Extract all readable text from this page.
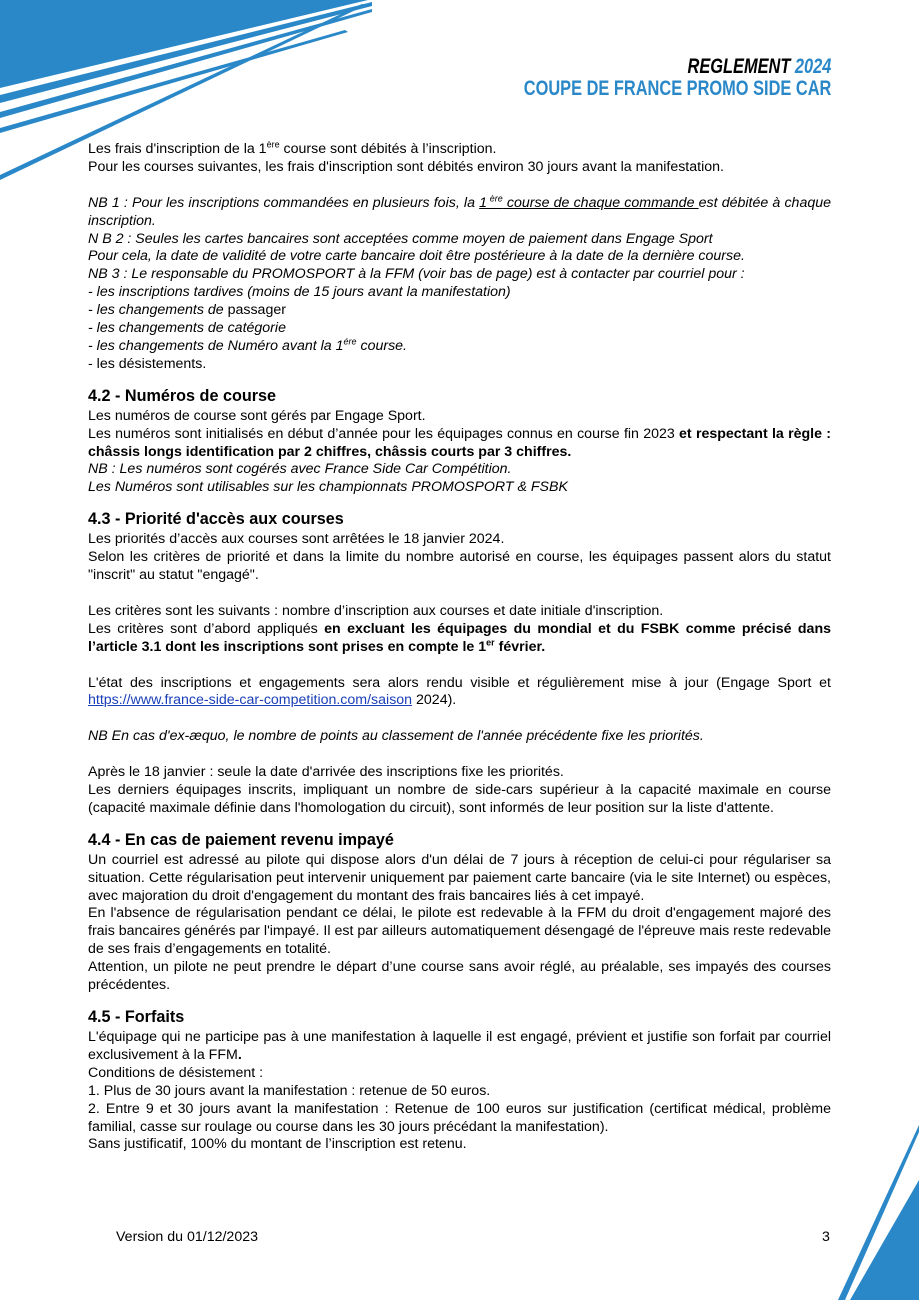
REGLEMENT 2024
COUPE DE FRANCE PROMO SIDE CAR

Les frais d'inscription de la 1ère course sont débités à l’inscription.

Pour les courses suivantes, les frais d'inscription sont débités environ 30 jours avant la manifestation.

NB 1 : Pour les inscriptions commandées en plusieurs fois, la 1 $^{ère}$ course de chaque commande est débitée à chaque inscription.

N B 2 : Seules les cartes bancaires sont acceptées comme moyen de paiement dans Engage Sport

Pour cela, la date de validité de votre carte bancaire doit être postérieure à la date de la dernière course.

NB 3 : Le responsable du PROMOSPORT à la FFM (voir bas de page) est à contacter par courriel pour :

- les inscriptions tardives (moins de 15 jours avant la manifestation)

- les changements de passager

- les changements de catégorie

- les changements de Numéro avant la $1^{ére}$ course.

- les désistements.

4.2 - Numéros de course

Les numéros de course sont gérés par Engage Sport.

Les numéros sont initialisés en début d’année pour les équipages connus en course fin 2023 et respectant la règle : châssis longs identification par 2 chiffres, châssis courts par 3 chiffres.

NB : Les numéros sont cogérés avec France Side Car Compétition.

Les Numéros sont utilisables sur les championnats PROMOSPORT & FSBK

4.3 - Priorité d'accès aux courses

Les priorités d’accès aux courses sont arrêtées le 18 janvier 2024.

Selon les critères de priorité et dans la limite du nombre autorisé en course, les équipages passent alors du statut "inscrit" au statut "engagé".

Les critères sont les suivants : nombre d’inscription aux courses et date initiale d'inscription.

Les critères sont d’abord appliqués en excluant les équipages du mondial et du FSBK comme précisé dans l’article 3.1 dont les inscriptions sont prises en compte le 1er février.

L'état des inscriptions et engagements sera alors rendu visible et régulièrement mise à jour (Engage Sport et https://www.france-side-car-competition.com/saison 2024).

NB En cas d'ex-æquo, le nombre de points au classement de l'année précédente fixe les priorités.

Après le 18 janvier : seule la date d'arrivée des inscriptions fixe les priorités.

Les derniers équipages inscrits, impliquant un nombre de side-cars supérieur à la capacité maximale en course (capacité maximale définie dans l'homologation du circuit), sont informés de leur position sur la liste d'attente.

4.4 - En cas de paiement revenu impayé

Un courriel est adressé au pilote qui dispose alors d'un délai de 7 jours à réception de celui-ci pour régulariser sa situation. Cette régularisation peut intervenir uniquement par paiement carte bancaire (via le site Internet) ou espèces, avec majoration du droit d'engagement du montant des frais bancaires liés à cet impayé.

En l'absence de régularisation pendant ce délai, le pilote est redevable à la FFM du droit d'engagement majoré des frais bancaires générés par l'impayé. Il est par ailleurs automatiquement désengagé de l'épreuve mais reste redevable de ses frais d’engagements en totalité.

Attention, un pilote ne peut prendre le départ d’une course sans avoir réglé, au préalable, ses impayés des courses précédentes.

4.5 - Forfaits

L'équipage qui ne participe pas à une manifestation à laquelle il est engagé, prévient et justifie son forfait par courriel exclusivement à la FFM.

Conditions de désistement :

1. Plus de 30 jours avant la manifestation : retenue de 50 euros.

2. Entre 9 et 30 jours avant la manifestation : Retenue de 100 euros sur justification (certificat médical, problème familial, casse sur roulage ou course dans les 30 jours précédant la manifestation).

Sans justificatif, 100% du montant de l’inscription est retenu.

Version du 01/12/2023	3
